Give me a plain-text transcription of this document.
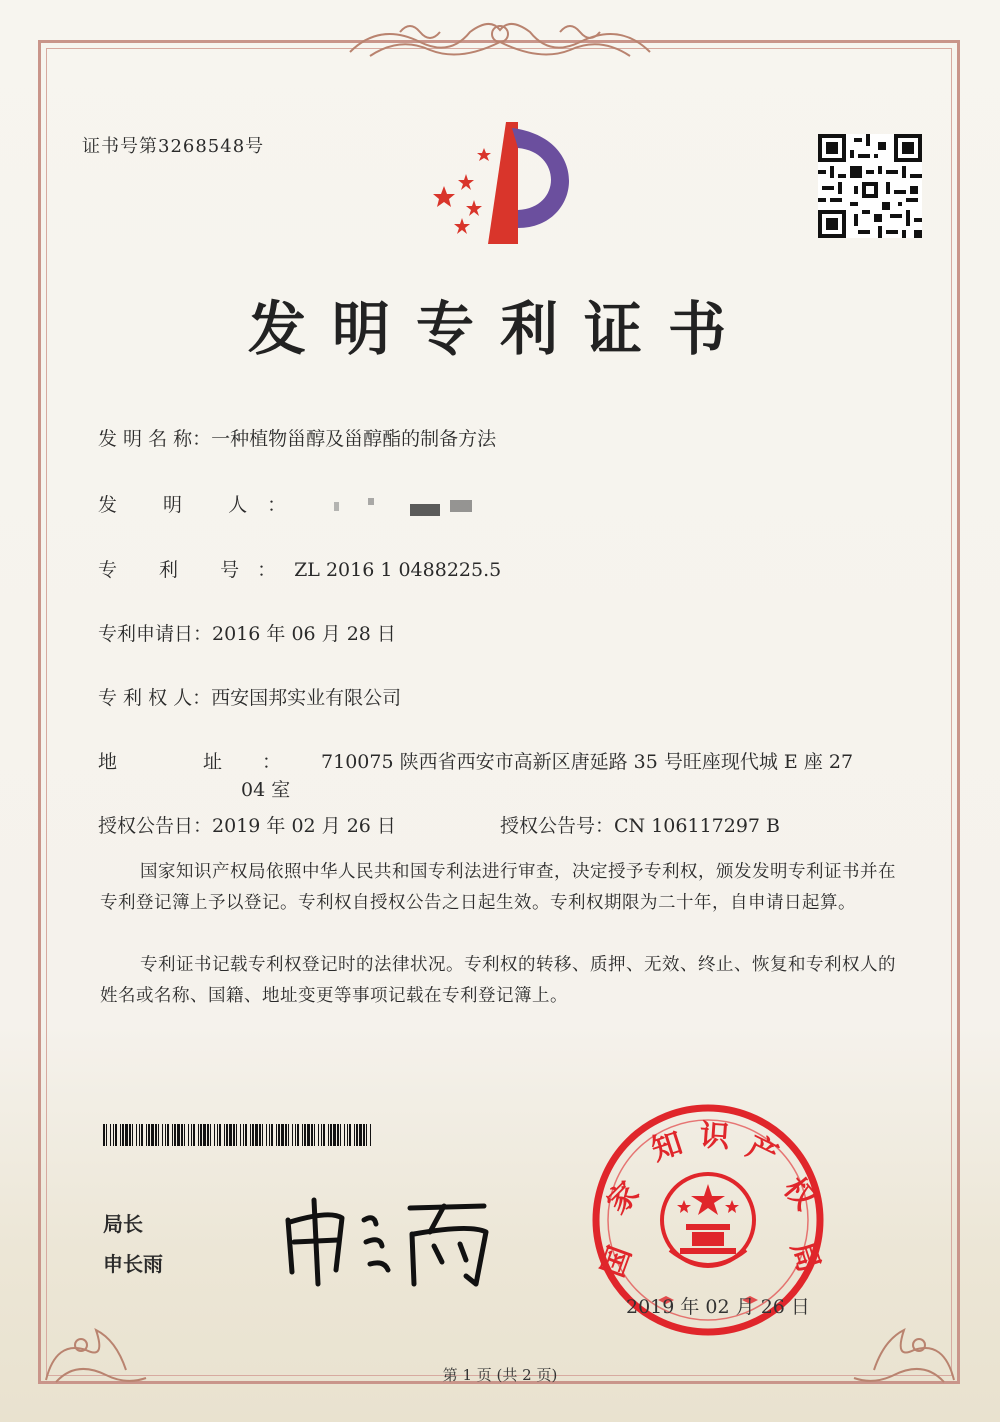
证书号第3268548号
发明专利证书
发 明 名 称：一种植物甾醇及甾醇酯的制备方法
发 明 人：
专 利 号：ZL 2016 1 0488225.5
专利申请日：2016 年 06 月 28 日
专 利 权 人：西安国邦实业有限公司
地 址：710075 陕西省西安市高新区唐延路 35 号旺座现代城 E 座 27
04 室
授权公告日：2019 年 02 月 26 日	授权公告号：CN 106117297 B
国家知识产权局依照中华人民共和国专利法进行审查，决定授予专利权，颁发发明专利证书并在专利登记簿上予以登记。专利权自授权公告之日起生效。专利权期限为二十年，自申请日起算。
专利证书记载专利权登记时的法律状况。专利权的转移、质押、无效、终止、恢复和专利权人的姓名或名称、国籍、地址变更等事项记载在专利登记簿上。
局长
申长雨	国
家
知 识 产
权
局
2019 年 02 月 26 日
第 1 页 (共 2 页)
